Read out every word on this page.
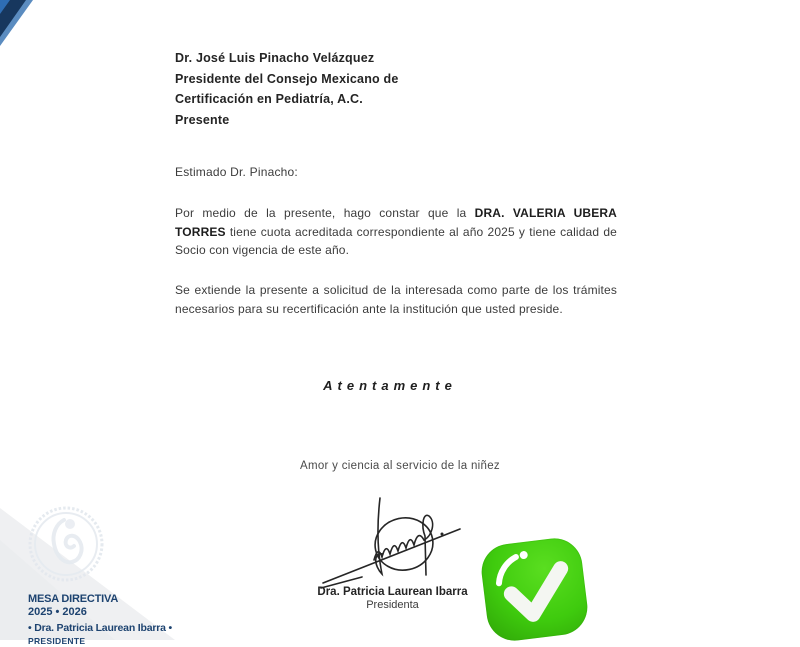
Dr. José Luis Pinacho Velázquez
Presidente del Consejo Mexicano de
Certificación en Pediatría, A.C.
Presente
Estimado Dr. Pinacho:

Por medio de la presente, hago constar que la DRA. VALERIA UBERA TORRES tiene cuota acreditada correspondiente al año 2025 y tiene calidad de Socio con vigencia de este año.

Se extiende la presente a solicitud de la interesada como parte de los trámites necesarios para su recertificación ante la institución que usted preside.

Atentamente
Amor y ciencia al servicio de la niñez
Dra. Patricia Laurean Ibarra
Presidenta
MESA DIRECTIVA
2025 • 2026
• Dra. Patricia Laurean Ibarra •
PRESIDENTE
